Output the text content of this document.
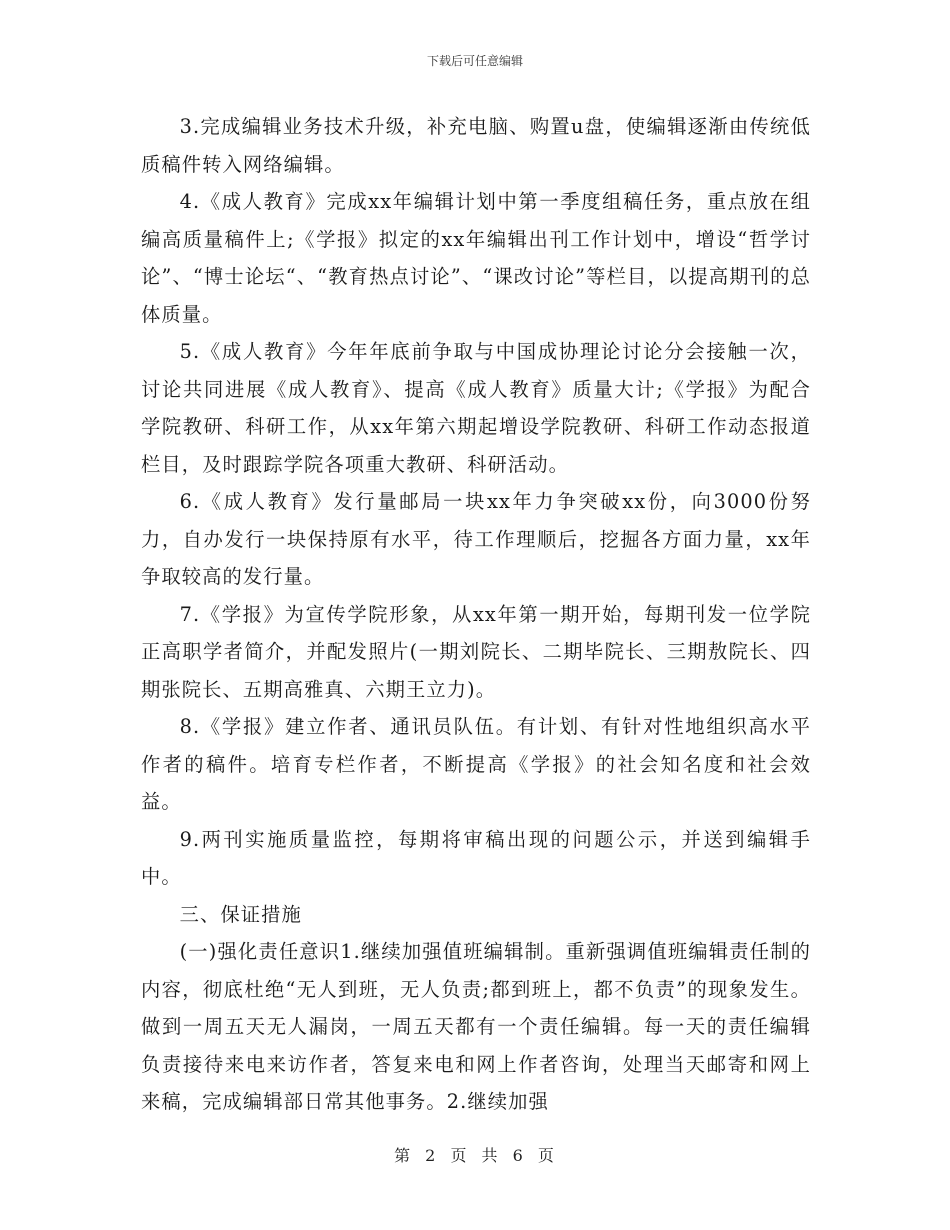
下载后可任意编辑

3.完成编辑业务技术升级，补充电脑、购置u盘，使编辑逐渐由传统低质稿件转入网络编辑。

4.《成人教育》完成xx年编辑计划中第一季度组稿任务，重点放在组编高质量稿件上;《学报》拟定的xx年编辑出刊工作计划中，增设“哲学讨论”、“博士论坛“、“教育热点讨论”、“课改讨论”等栏目，以提高期刊的总体质量。

5.《成人教育》今年年底前争取与中国成协理论讨论分会接触一次，讨论共同进展《成人教育》、提高《成人教育》质量大计;《学报》为配合学院教研、科研工作，从xx年第六期起增设学院教研、科研工作动态报道栏目，及时跟踪学院各项重大教研、科研活动。

6.《成人教育》发行量邮局一块xx年力争突破xx份，向3000份努力，自办发行一块保持原有水平，待工作理顺后，挖掘各方面力量，xx年争取较高的发行量。

7.《学报》为宣传学院形象，从xx年第一期开始，每期刊发一位学院正高职学者简介，并配发照片(一期刘院长、二期毕院长、三期敖院长、四期张院长、五期高雅真、六期王立力)。

8.《学报》建立作者、通讯员队伍。有计划、有针对性地组织高水平作者的稿件。培育专栏作者，不断提高《学报》的社会知名度和社会效益。

9.两刊实施质量监控，每期将审稿出现的问题公示，并送到编辑手中。

三、保证措施

(一)强化责任意识1.继续加强值班编辑制。重新强调值班编辑责任制的内容，彻底杜绝“无人到班，无人负责;都到班上，都不负责”的现象发生。做到一周五天无人漏岗，一周五天都有一个责任编辑。每一天的责任编辑负责接待来电来访作者，答复来电和网上作者咨询，处理当天邮寄和网上来稿，完成编辑部日常其他事务。2.继续加强

第 2 页 共 6 页
